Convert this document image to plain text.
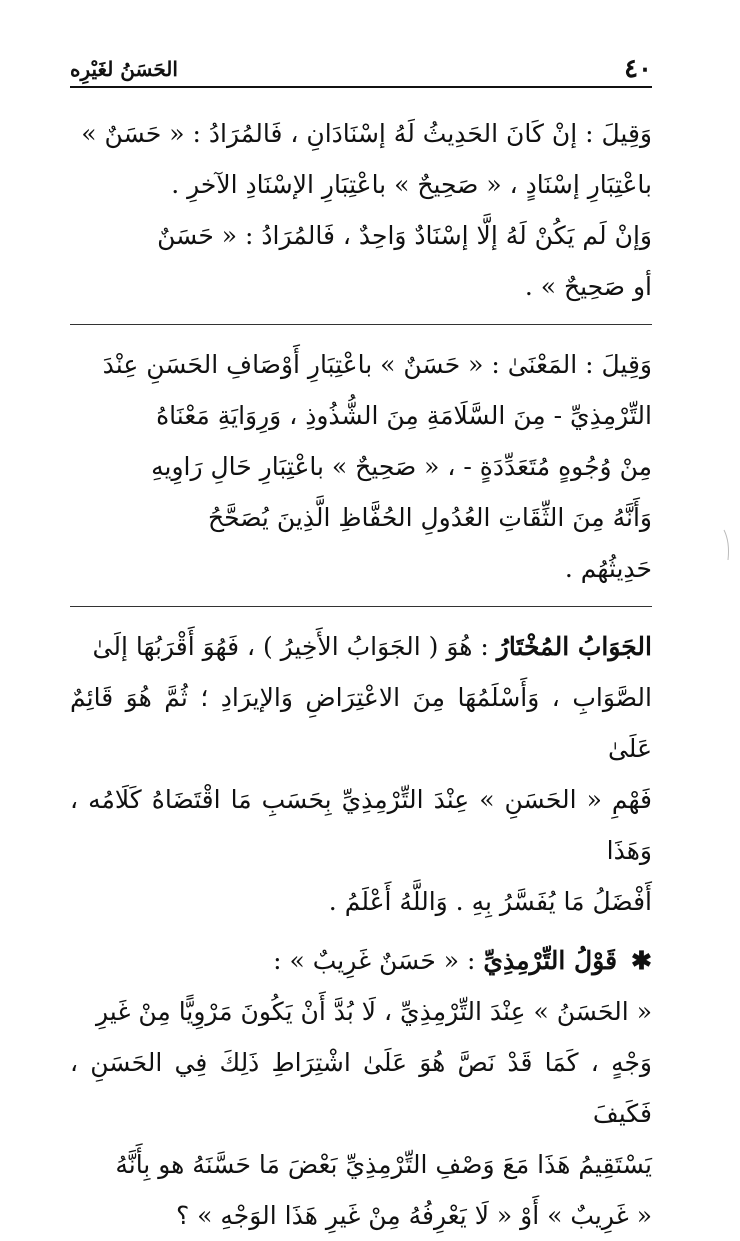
٤٠
الحَسَنُ لغَيْرِه

وَقِيلَ : إنْ كَانَ الحَدِيثُ لَهُ إسْنَادَانِ ، فَالمُرَادُ : « حَسَنٌ »
باعْتِبَارِ إسْنَادٍ ، « صَحِيحٌ » باعْتِبَارِ الإسْنَادِ الآخرِ .
وَإنْ لَم يَكُنْ لَهُ إلَّا إسْنَادٌ وَاحِدٌ ، فَالمُرَادُ : « حَسَنٌ
أو صَحِيحٌ » .

وَقِيلَ : المَعْنَىٰ : « حَسَنٌ » باعْتِبَارِ أَوْصَافِ الحَسَنِ عِنْدَ
التِّرْمِذِيِّ - مِنَ السَّلَامَةِ مِنَ الشُّذُوذِ ، وَرِوَايَةِ مَعْنَاهُ
مِنْ وُجُوهٍ مُتَعَدِّدَةٍ - ، « صَحِيحٌ » باعْتِبَارِ حَالِ رَاوِيهِ
وَأَنَّهُ مِنَ الثِّقَاتِ العُدُولِ الحُفَّاظِ الَّذِينَ يُصَحَّحُ
حَدِيثُهُم .

الجَوَابُ المُخْتَارُ : هُوَ ( الجَوَابُ الأَخِيرُ ) ، فَهُوَ أَقْرَبُهَا إلَىٰ
الصَّوَابِ ، وَأَسْلَمُهَا مِنَ الاعْتِرَاضِ وَالإيرَادِ ؛ ثُمَّ هُوَ قَائِمٌ عَلَىٰ
فَهْمِ « الحَسَنِ » عِنْدَ التِّرْمِذِيِّ بِحَسَبِ مَا اقْتَضَاهُ كَلَامُه ، وَهَذَا
أَفْضَلُ مَا يُفَسَّرُ بِهِ . وَاللَّهُ أَعْلَمُ .

✱ قَوْلُ التِّرْمِذِيِّ : « حَسَنٌ غَرِيبٌ » :

« الحَسَنُ » عِنْدَ التِّرْمِذِيِّ ، لَا بُدَّ أَنْ يَكُونَ مَرْوِيًّا مِنْ غَيرِ
وَجْهٍ ، كَمَا قَدْ نَصَّ هُوَ عَلَىٰ اشْتِرَاطِ ذَلِكَ فِي الحَسَنِ ، فَكَيفَ
يَسْتَقِيمُ هَذَا مَعَ وَصْفِ التِّرْمِذِيِّ بَعْضَ مَا حَسَّنَهُ هو بِأَنَّهُ
« غَرِيبٌ » أَوْ « لَا يَعْرِفُهُ مِنْ غَيرِ هَذَا الوَجْهِ » ؟
